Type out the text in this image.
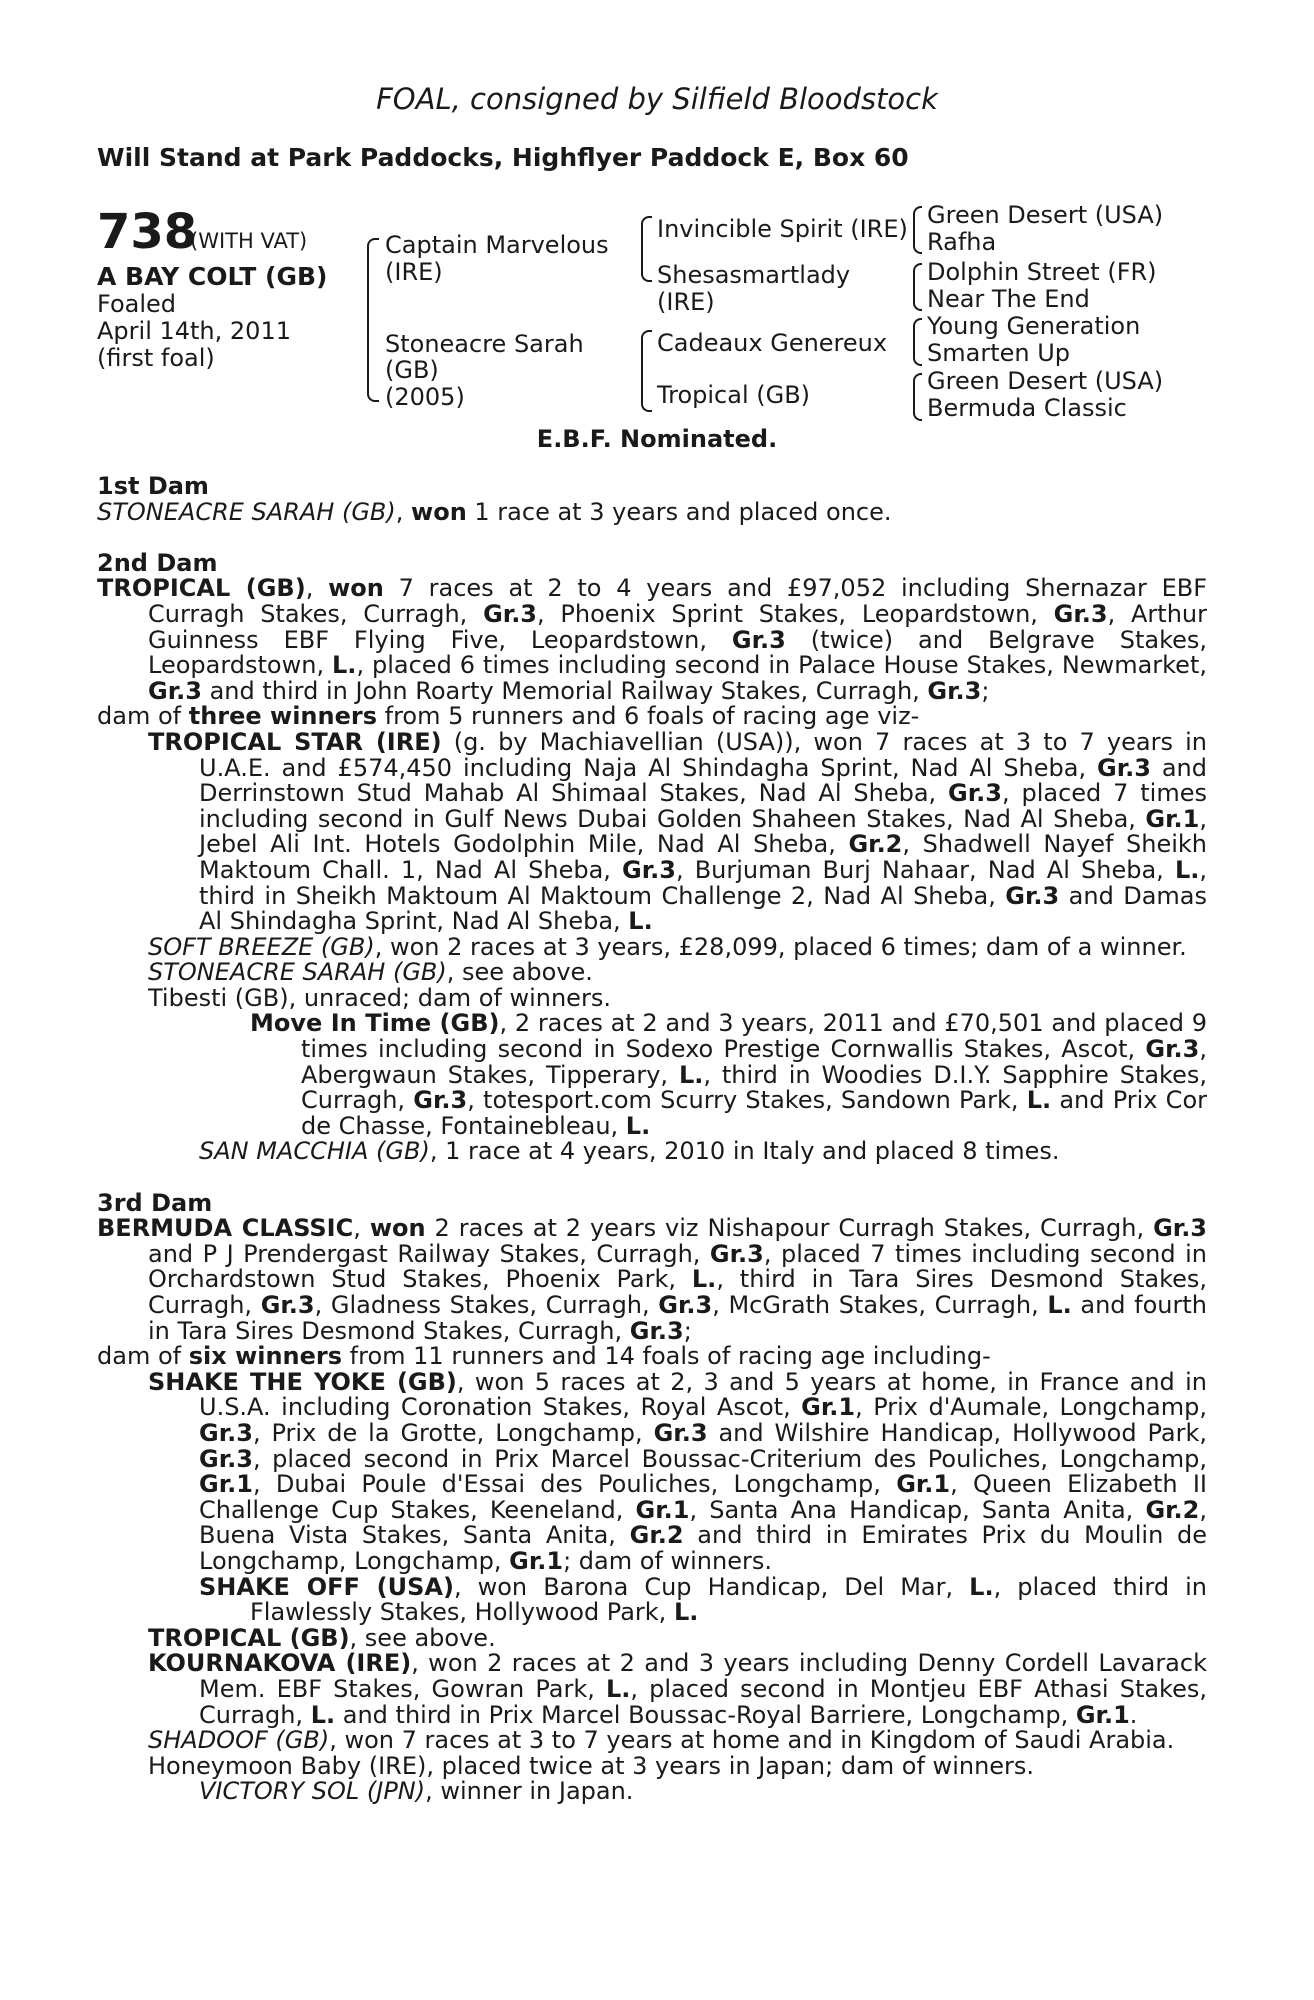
FOAL, consigned by Silfield Bloodstock
Will Stand at Park Paddocks, Highflyer Paddock E, Box 60
738
(WITH VAT)
A BAY COLT (GB)
Foaled
April 14th, 2011
(first foal)
Captain Marvelous
(IRE)
Stoneacre Sarah
(GB)
(2005)
Invincible Spirit (IRE)
Shesasmartlady
(IRE)
Cadeaux Genereux
Tropical (GB)
Green Desert (USA)
Rafha
Dolphin Street (FR)
Near The End
Young Generation
Smarten Up
Green Desert (USA)
Bermuda Classic
E.B.F. Nominated.

1st Dam

STONEACRE SARAH (GB), won 1 race at 3 years and placed once.

2nd Dam

TROPICAL (GB), won 7 races at 2 to 4 years and £97,052 including Shernazar EBF Curragh Stakes, Curragh, Gr.3, Phoenix Sprint Stakes, Leopardstown, Gr.3, Arthur Guinness EBF Flying Five, Leopardstown, Gr.3 (twice) and Belgrave Stakes, Leopardstown, L., placed 6 times including second in Palace House Stakes, Newmarket, Gr.3 and third in John Roarty Memorial Railway Stakes, Curragh, Gr.3;

dam of three winners from 5 runners and 6 foals of racing age viz-

TROPICAL STAR (IRE) (g. by Machiavellian (USA)), won 7 races at 3 to 7 years in U.A.E. and £574,450 including Naja Al Shindagha Sprint, Nad Al Sheba, Gr.3 and Derrinstown Stud Mahab Al Shimaal Stakes, Nad Al Sheba, Gr.3, placed 7 times including second in Gulf News Dubai Golden Shaheen Stakes, Nad Al Sheba, Gr.1, Jebel Ali Int. Hotels Godolphin Mile, Nad Al Sheba, Gr.2, Shadwell Nayef Sheikh Maktoum Chall. 1, Nad Al Sheba, Gr.3, Burjuman Burj Nahaar, Nad Al Sheba, L., third in Sheikh Maktoum Al Maktoum Challenge 2, Nad Al Sheba, Gr.3 and Damas Al Shindagha Sprint, Nad Al Sheba, L.

SOFT BREEZE (GB), won 2 races at 3 years, £28,099, placed 6 times; dam of a winner.

STONEACRE SARAH (GB), see above.

Tibesti (GB), unraced; dam of winners.

Move In Time (GB), 2 races at 2 and 3 years, 2011 and £70,501 and placed 9 times including second in Sodexo Prestige Cornwallis Stakes, Ascot, Gr.3, Abergwaun Stakes, Tipperary, L., third in Woodies D.I.Y. Sapphire Stakes, Curragh, Gr.3, totesport.com Scurry Stakes, Sandown Park, L. and Prix Cor de Chasse, Fontainebleau, L.

SAN MACCHIA (GB), 1 race at 4 years, 2010 in Italy and placed 8 times.

3rd Dam

BERMUDA CLASSIC, won 2 races at 2 years viz Nishapour Curragh Stakes, Curragh, Gr.3 and P J Prendergast Railway Stakes, Curragh, Gr.3, placed 7 times including second in Orchardstown Stud Stakes, Phoenix Park, L., third in Tara Sires Desmond Stakes, Curragh, Gr.3, Gladness Stakes, Curragh, Gr.3, McGrath Stakes, Curragh, L. and fourth in Tara Sires Desmond Stakes, Curragh, Gr.3;

dam of six winners from 11 runners and 14 foals of racing age including-

SHAKE THE YOKE (GB), won 5 races at 2, 3 and 5 years at home, in France and in U.S.A. including Coronation Stakes, Royal Ascot, Gr.1, Prix d'Aumale, Longchamp, Gr.3, Prix de la Grotte, Longchamp, Gr.3 and Wilshire Handicap, Hollywood Park, Gr.3, placed second in Prix Marcel Boussac-Criterium des Pouliches, Longchamp, Gr.1, Dubai Poule d'Essai des Pouliches, Longchamp, Gr.1, Queen Elizabeth II Challenge Cup Stakes, Keeneland, Gr.1, Santa Ana Handicap, Santa Anita, Gr.2, Buena Vista Stakes, Santa Anita, Gr.2 and third in Emirates Prix du Moulin de Longchamp, Longchamp, Gr.1; dam of winners.

SHAKE OFF (USA), won Barona Cup Handicap, Del Mar, L., placed third in Flawlessly Stakes, Hollywood Park, L.

TROPICAL (GB), see above.

KOURNAKOVA (IRE), won 2 races at 2 and 3 years including Denny Cordell Lavarack Mem. EBF Stakes, Gowran Park, L., placed second in Montjeu EBF Athasi Stakes, Curragh, L. and third in Prix Marcel Boussac-Royal Barriere, Longchamp, Gr.1.

SHADOOF (GB), won 7 races at 3 to 7 years at home and in Kingdom of Saudi Arabia.

Honeymoon Baby (IRE), placed twice at 3 years in Japan; dam of winners.

VICTORY SOL (JPN), winner in Japan.
